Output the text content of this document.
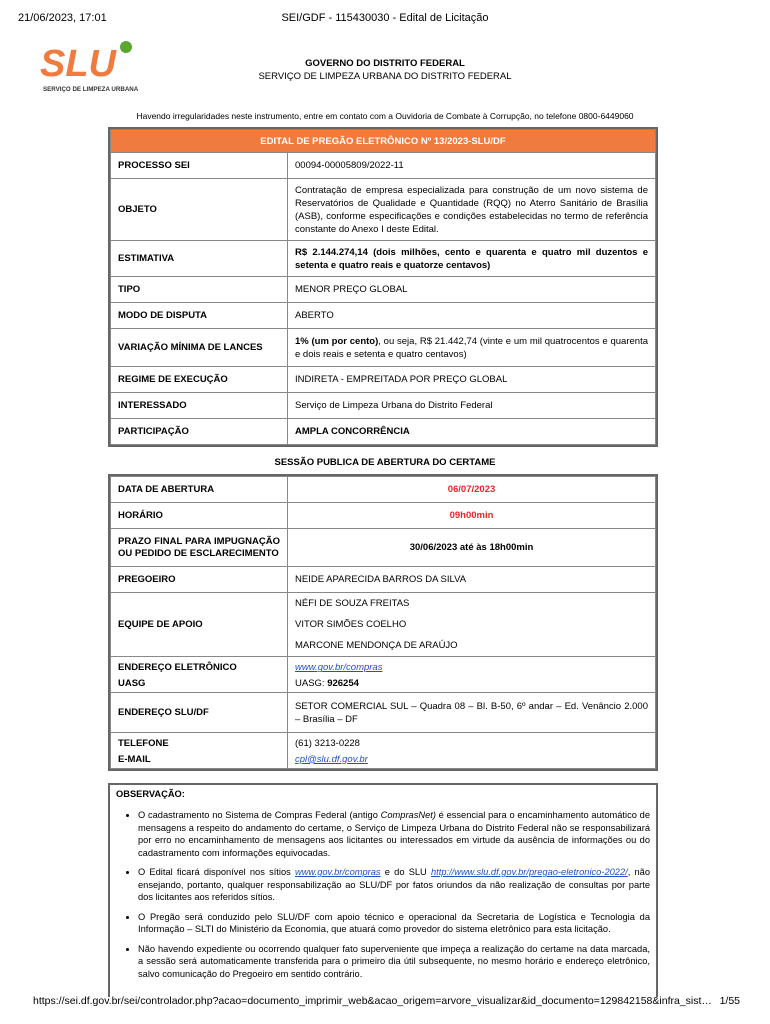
21/06/2023, 17:01	SEI/GDF - 115430030 - Edital de Licitação
SLU
SERVIÇO DE LIMPEZA URBANA
GOVERNO DO DISTRITO FEDERAL
SERVIÇO DE LIMPEZA URBANA DO DISTRITO FEDERAL
Havendo irregularidades neste instrumento, entre em contato com a Ouvidoria de Combate à Corrupção, no telefone 0800-6449060
EDITAL DE PREGÃO ELETRÔNICO Nº 13/2023-SLU/DF	
PROCESSO SEI	00094-00005809/2022-11
OBJETO	Contratação de empresa especializada para construção de um novo sistema de Reservatórios de Qualidade e Quantidade (RQQ) no Aterro Sanitário de Brasília (ASB), conforme especificações e condições estabelecidas no termo de referência constante do Anexo I deste Edital.
ESTIMATIVA	R$ 2.144.274,14 (dois milhões, cento e quarenta e quatro mil duzentos e setenta e quatro reais e quatorze centavos)
TIPO	MENOR PREÇO GLOBAL
MODO DE DISPUTA	ABERTO
VARIAÇÃO MÍNIMA DE LANCES	1% (um por cento), ou seja, R$ 21.442,74 (vinte e um mil quatrocentos e quarenta e dois reais e setenta e quatro centavos)
REGIME DE EXECUÇÃO	INDIRETA - EMPREITADA POR PREÇO GLOBAL
INTERESSADO	Serviço de Limpeza Urbana do Distrito Federal
PARTICIPAÇÃO	AMPLA CONCORRÊNCIA
SESSÃO PUBLICA DE ABERTURA DO CERTAME
DATA DE ABERTURA	06/07/2023
HORÁRIO	09h00min
PRAZO FINAL PARA IMPUGNAÇÃO OU PEDIDO DE ESCLARECIMENTO	30/06/2023 até às 18h00min
PREGOEIRO	NEIDE APARECIDA BARROS DA SILVA
EQUIPE DE APOIO	NÉFI DE SOUZA FREITAS
VITOR SIMÕES COELHO
MARCONE MENDONÇA DE ARAÚJO

ENDEREÇO ELETRÔNICO	www.gov.br/compras
UASG	UASG: 926254
ENDEREÇO SLU/DF	SETOR COMERCIAL SUL – Quadra 08 – Bl. B-50, 6º andar – Ed. Venâncio 2.000 – Brasília – DF
TELEFONE	(61) 3213-0228
E-MAIL	cpl@slu.df.gov.br
OBSERVAÇÃO:
• O cadastramento no Sistema de Compras Federal (antigo ComprasNet) é essencial para o encaminhamento automático de mensagens a respeito do andamento do certame, o Serviço de Limpeza Urbana do Distrito Federal não se responsabilizará por erro no encaminhamento de mensagens aos licitantes ou interessados em virtude da ausência de informações ou do cadastramento com informações equivocadas.
• O Edital ficará disponível nos sítios www.gov.br/compras e do SLU http://www.slu.df.gov.br/pregao-eletronico-2022/, não ensejando, portanto, qualquer responsabilização ao SLU/DF por fatos oriundos da não realização de consultas por parte dos licitantes aos referidos sítios.
• O Pregão será conduzido pelo SLU/DF com apoio técnico e operacional da Secretaria de Logística e Tecnologia da Informação – SLTI do Ministério da Economia, que atuará como provedor do sistema eletrônico para esta licitação.
• Não havendo expediente ou ocorrendo qualquer fato superveniente que impeça a realização do certame na data marcada, a sessão será automaticamente transferida para o primeiro dia útil subsequente, no mesmo horário e endereço eletrônico, salvo comunicação do Pregoeiro em sentido contrário.
https://sei.df.gov.br/sei/controlador.php?acao=documento_imprimir_web&acao_origem=arvore_visualizar&id_documento=129842158&infra_sist… 1/55
